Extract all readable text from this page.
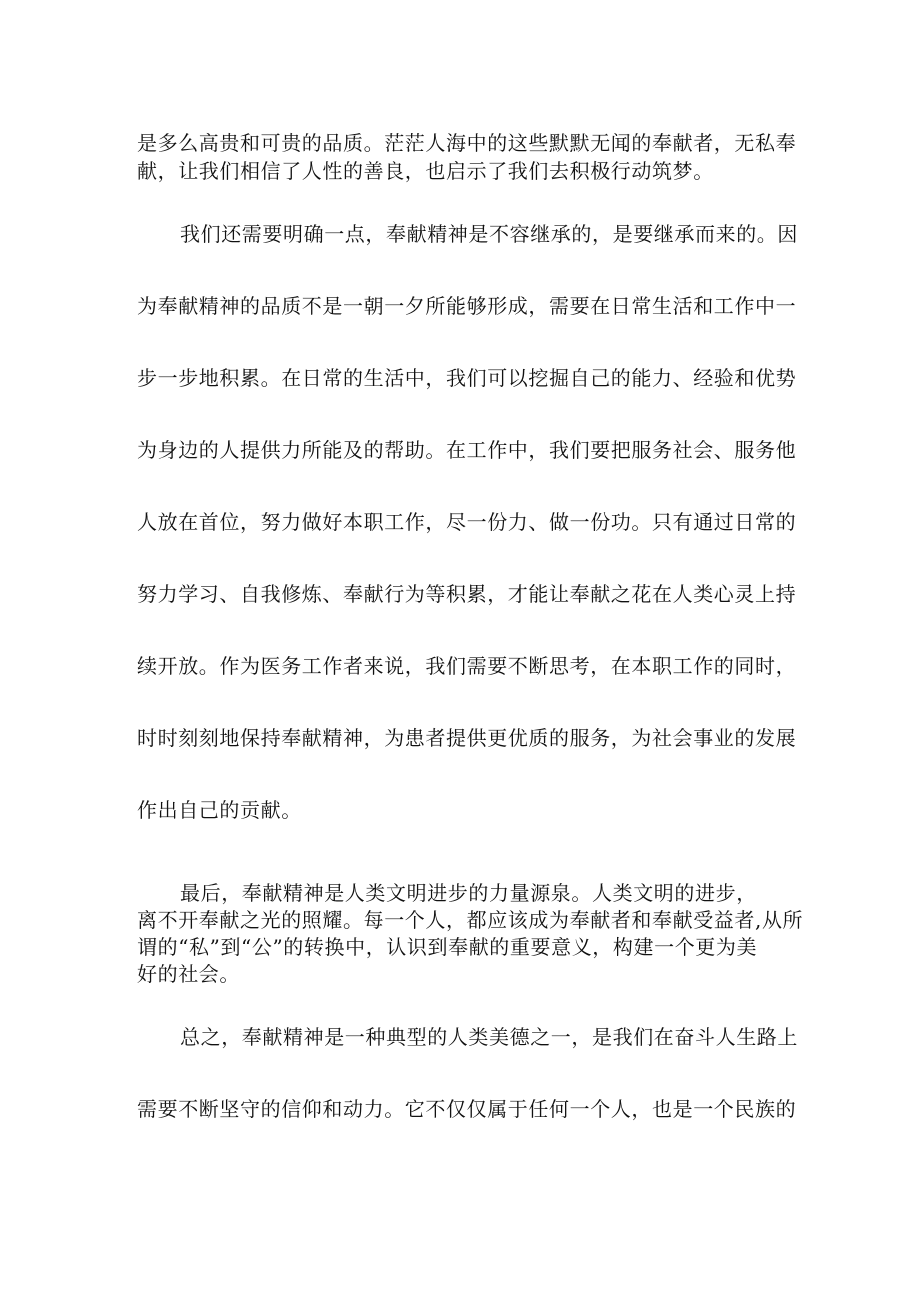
是多么高贵和可贵的品质。茫茫人海中的这些默默无闻的奉献者，无私奉
献，让我们相信了人性的善良，也启示了我们去积极行动筑梦。
我们还需要明确一点，奉献精神是不容继承的，是要继承而来的。因
为奉献精神的品质不是一朝一夕所能够形成，需要在日常生活和工作中一
步一步地积累。在日常的生活中，我们可以挖掘自己的能力、经验和优势
为身边的人提供力所能及的帮助。在工作中，我们要把服务社会、服务他
人放在首位，努力做好本职工作，尽一份力、做一份功。只有通过日常的
努力学习、自我修炼、奉献行为等积累，才能让奉献之花在人类心灵上持
续开放。作为医务工作者来说，我们需要不断思考，在本职工作的同时，
时时刻刻地保持奉献精神，为患者提供更优质的服务，为社会事业的发展
作出自己的贡献。
最后，奉献精神是人类文明进步的力量源泉。人类文明的进步，
离不开奉献之光的照耀。每一个人，都应该成为奉献者和奉献受益者,从所
谓的“私”到“公”的转换中，认识到奉献的重要意义，构建一个更为美
好的社会。
总之，奉献精神是一种典型的人类美德之一，是我们在奋斗人生路上
需要不断坚守的信仰和动力。它不仅仅属于任何一个人，也是一个民族的
